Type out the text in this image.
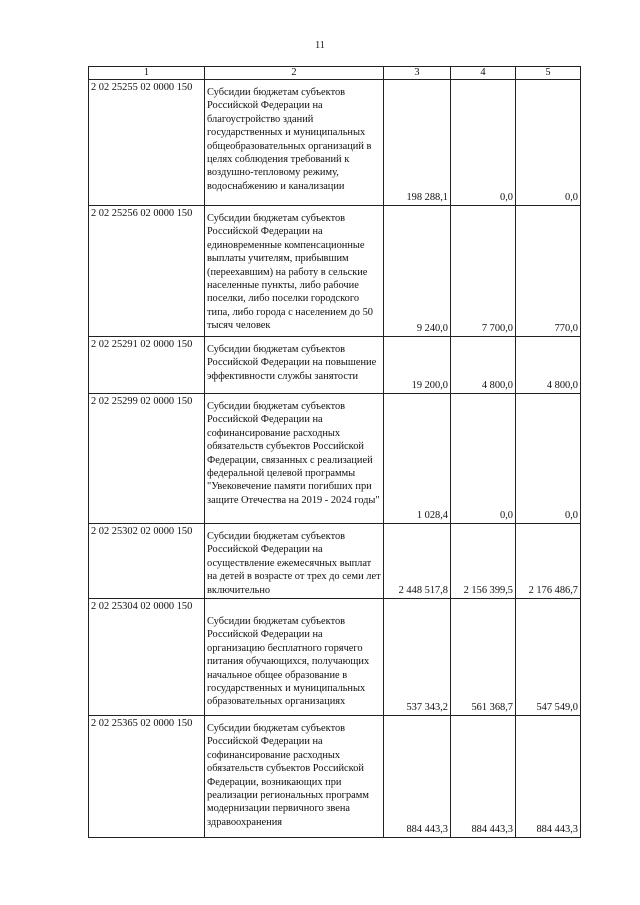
11
1	2	3	4	5
2 02 25255 02 0000 150	Субсидии бюджетам субъектов Российской Федерации на благоустройство зданий государственных и муниципальных общеобразовательных организаций в целях соблюдения требований к воздушно-тепловому режиму, водоснабжению и канализации	198 288,1	0,0	0,0
2 02 25256 02 0000 150	Субсидии бюджетам субъектов Российской Федерации на единовременные компенсационные выплаты учителям, прибывшим (переехавшим) на работу в сельские населенные пункты, либо рабочие поселки, либо поселки городского типа, либо города с населением до 50 тысяч человек	9 240,0	7 700,0	770,0
2 02 25291 02 0000 150	Субсидии бюджетам субъектов Российской Федерации на повышение эффективности службы занятости	19 200,0	4 800,0	4 800,0
2 02 25299 02 0000 150	Субсидии бюджетам субъектов Российской Федерации на софинансирование расходных обязательств субъектов Российской Федерации, связанных с реализацией федеральной целевой программы "Увековечение памяти погибших при защите Отечества на 2019 - 2024 годы"	1 028,4	0,0	0,0
2 02 25302 02 0000 150	Субсидии бюджетам субъектов Российской Федерации на осуществление ежемесячных выплат на детей в возрасте от трех до семи лет включительно	2 448 517,8	2 156 399,5	2 176 486,7
2 02 25304 02 0000 150	Субсидии бюджетам субъектов Российской Федерации на организацию бесплатного горячего питания обучающихся, получающих начальное общее образование в государственных и муниципальных образовательных организациях	537 343,2	561 368,7	547 549,0
2 02 25365 02 0000 150	Субсидии бюджетам субъектов Российской Федерации на софинансирование расходных обязательств субъектов Российской Федерации, возникающих при реализации региональных программ модернизации первичного звена здравоохранения	884 443,3	884 443,3	884 443,3
